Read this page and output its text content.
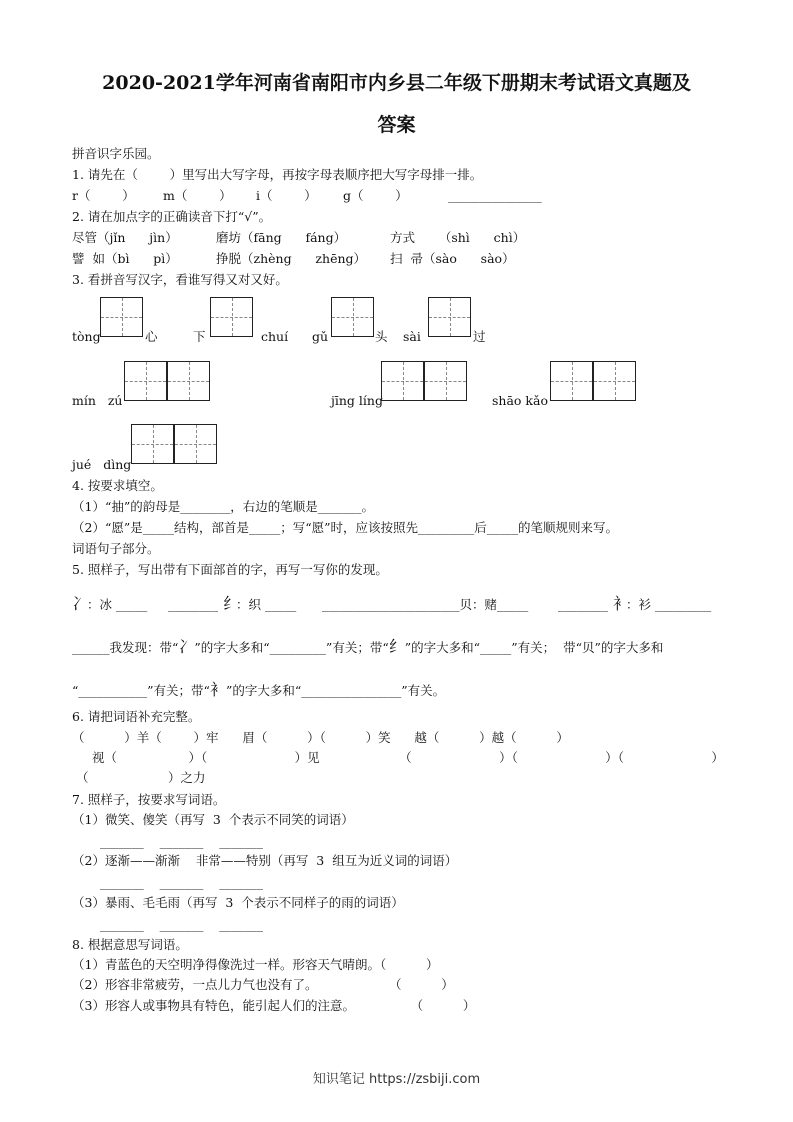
2020-2021学年河南省南阳市内乡县二年级下册期末考试语文真题及
答案
拼音识字乐园。
1. 请先在（        ）里写出大写字母，再按字母表顺序把大写字母排一排。
r（        ） m（        ） i（        ） g（        ）	_______________
2. 请在加点字的正确读音下打“√”。
尽管（jǐn      jìn）	磨坊（fāng      fáng）	方式      （shì      chì）
譬  如（bì      pì）	挣脱（zhèng      zhēng） 扫  帚（sào      sào）
3. 看拼音写汉字，看谁写得又对又好。
tòng	心	下	chuí gǔ	头 sài	过
mín   zú	jīng líng	shāo kǎo
jué   dìng
4. 按要求填空。
（1）“抽”的韵母是________，右边的笔顺是_______。
（2）“愿”是_____结构，部首是_____；写“愿”时，应该按照先_________后_____的笔顺规则来写。
词语句子部分。
5. 照样子，写出带有下面部首的字，再写一写你的发现。
冫
：冰 _____ ________ 纟
：织 _____ ______________________贝：赌_____ ________ 衤
：衫 _________
______我发现：带“冫”的字大多和“_________”有关；带“纟”的字大多和“_____”有关；  带“贝”的字大多和
“___________”有关；带“衤”的字大多和“________________”有关。
6. 请把词语补充完整。
（          ）羊（        ）牢      眉（          ）（          ）笑      越（          ）越（          ）
视（                  ）（                      ）见                    （                      ）（                      ）（                      ）
（                    ）之力
7. 照样子，按要求写词语。
（1）微笑、傻笑（再写  3  个表示不同笑的词语）
_______    _______    _______
（2）逐渐——渐渐    非常——特别（再写  3  组互为近义词的词语）
_______    _______    _______
（3）暴雨、毛毛雨（再写  3  个表示不同样子的雨的词语）
_______    _______    _______
8. 根据意思写词语。
（1）青蓝色的天空明净得像洗过一样。形容天气晴朗。（          ）
（2）形容非常疲劳，一点儿力气也没有了。                  （          ）
（3）形容人或事物具有特色，能引起人们的注意。              （          ）
知识笔记 https://zsbiji.com
